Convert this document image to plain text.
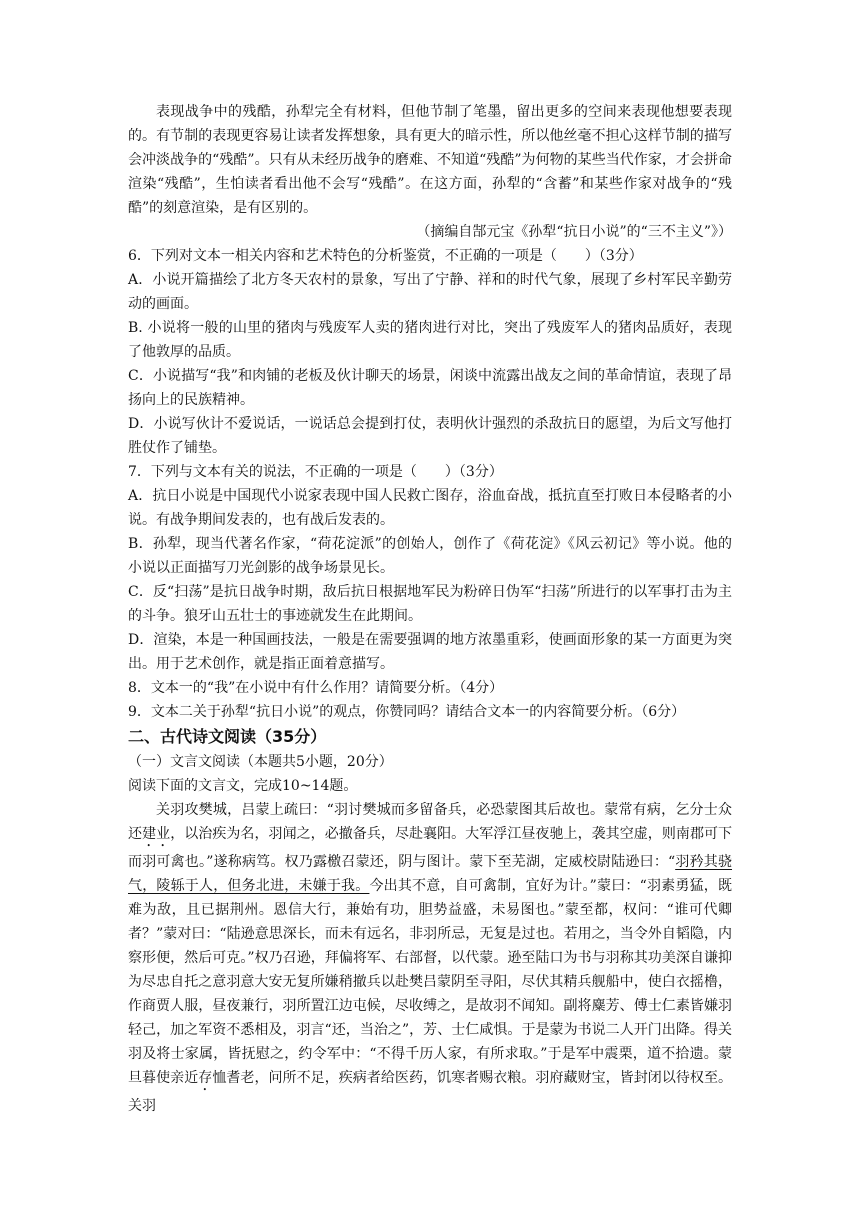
表现战争中的残酷，孙犁完全有材料，但他节制了笔墨，留出更多的空间来表现他想要表现的。有节制的表现更容易让读者发挥想象，具有更大的暗示性，所以他丝毫不担心这样节制的描写会冲淡战争的“残酷”。只有从未经历战争的磨难、不知道“残酷”为何物的某些当代作家，才会拼命渲染“残酷”，生怕读者看出他不会写“残酷”。在这方面，孙犁的“含蓄”和某些作家对战争的“残酷”的刻意渲染，是有区别的。

（摘编自郜元宝《孙犁“抗日小说”的“三不主义”》）

6．下列对文本一相关内容和艺术特色的分析鉴赏，不正确的一项是（　　）（3分）

A．小说开篇描绘了北方冬天农村的景象，写出了宁静、祥和的时代气象，展现了乡村军民辛勤劳动的画面。

B. 小说将一般的山里的猪肉与残废军人卖的猪肉进行对比，突出了残废军人的猪肉品质好，表现了他敦厚的品质。

C．小说描写“我”和肉铺的老板及伙计聊天的场景，闲谈中流露出战友之间的革命情谊，表现了昂扬向上的民族精神。

D．小说写伙计不爱说话，一说话总会提到打仗，表明伙计强烈的杀敌抗日的愿望，为后文写他打胜仗作了铺垫。

7．下列与文本有关的说法，不正确的一项是（　　）（3分）

A．抗日小说是中国现代小说家表现中国人民救亡图存，浴血奋战，抵抗直至打败日本侵略者的小说。有战争期间发表的，也有战后发表的。

B．孙犁，现当代著名作家，“荷花淀派”的创始人，创作了《荷花淀》《风云初记》等小说。他的小说以正面描写刀光剑影的战争场景见长。

C．反“扫荡”是抗日战争时期，敌后抗日根据地军民为粉碎日伪军“扫荡”所进行的以军事打击为主的斗争。狼牙山五壮士的事迹就发生在此期间。

D．渲染，本是一种国画技法，一般是在需要强调的地方浓墨重彩，使画面形象的某一方面更为突出。用于艺术创作，就是指正面着意描写。

8．文本一的“我”在小说中有什么作用？请简要分析。（4分）

9．文本二关于孙犁“抗日小说”的观点，你赞同吗？请结合文本一的内容简要分析。（6分）

二、古代诗文阅读（35分）

（一）文言文阅读（本题共5小题，20分）

阅读下面的文言文，完成10~14题。

关羽攻樊城，吕蒙上疏曰：“羽讨樊城而多留备兵，必恐蒙图其后故也。蒙常有病，乞分士众还建业，以治疾为名，羽闻之，必撤备兵，尽赴襄阳。大军浮江昼夜驰上，袭其空虚，则南郡可下而羽可禽也。”遂称病笃。权乃露檄召蒙还，阴与图计。蒙下至芜湖，定威校尉陆逊曰：“羽矜其骁气，陵轹于人，但务北进，未嫌于我。今出其不意，自可禽制，宜好为计。”蒙曰：“羽素勇猛，既难为敌，且已据荆州。恩信大行，兼始有功，胆势益盛，未易图也。”蒙至都，权问：“谁可代卿者？”蒙对曰：“陆逊意思深长，而未有远名，非羽所忌，无复是过也。若用之，当令外自韬隐，内察形便，然后可克。”权乃召逊，拜偏将军、右部督，以代蒙。逊至陆口为书与羽称其功美深自谦抑为尽忠自托之意羽意大安无复所嫌稍撤兵以赴樊吕蒙阴至寻阳，尽伏其精兵舰船中，使白衣摇橹，作商贾人服，昼夜兼行，羽所置江边屯候，尽收缚之，是故羽不闻知。副将麋芳、傅士仁素皆嫌羽轻己，加之军资不悉相及，羽言“还，当治之”，芳、士仁咸惧。于是蒙为书说二人开门出降。得关羽及将士家属，皆抚慰之，约令军中：“不得千历人家，有所求取。”于是军中震栗，道不拾遗。蒙旦暮使亲近存恤耆老，问所不足，疾病者给医药，饥寒者赐衣粮。羽府藏财宝，皆封闭以待权至。关羽
